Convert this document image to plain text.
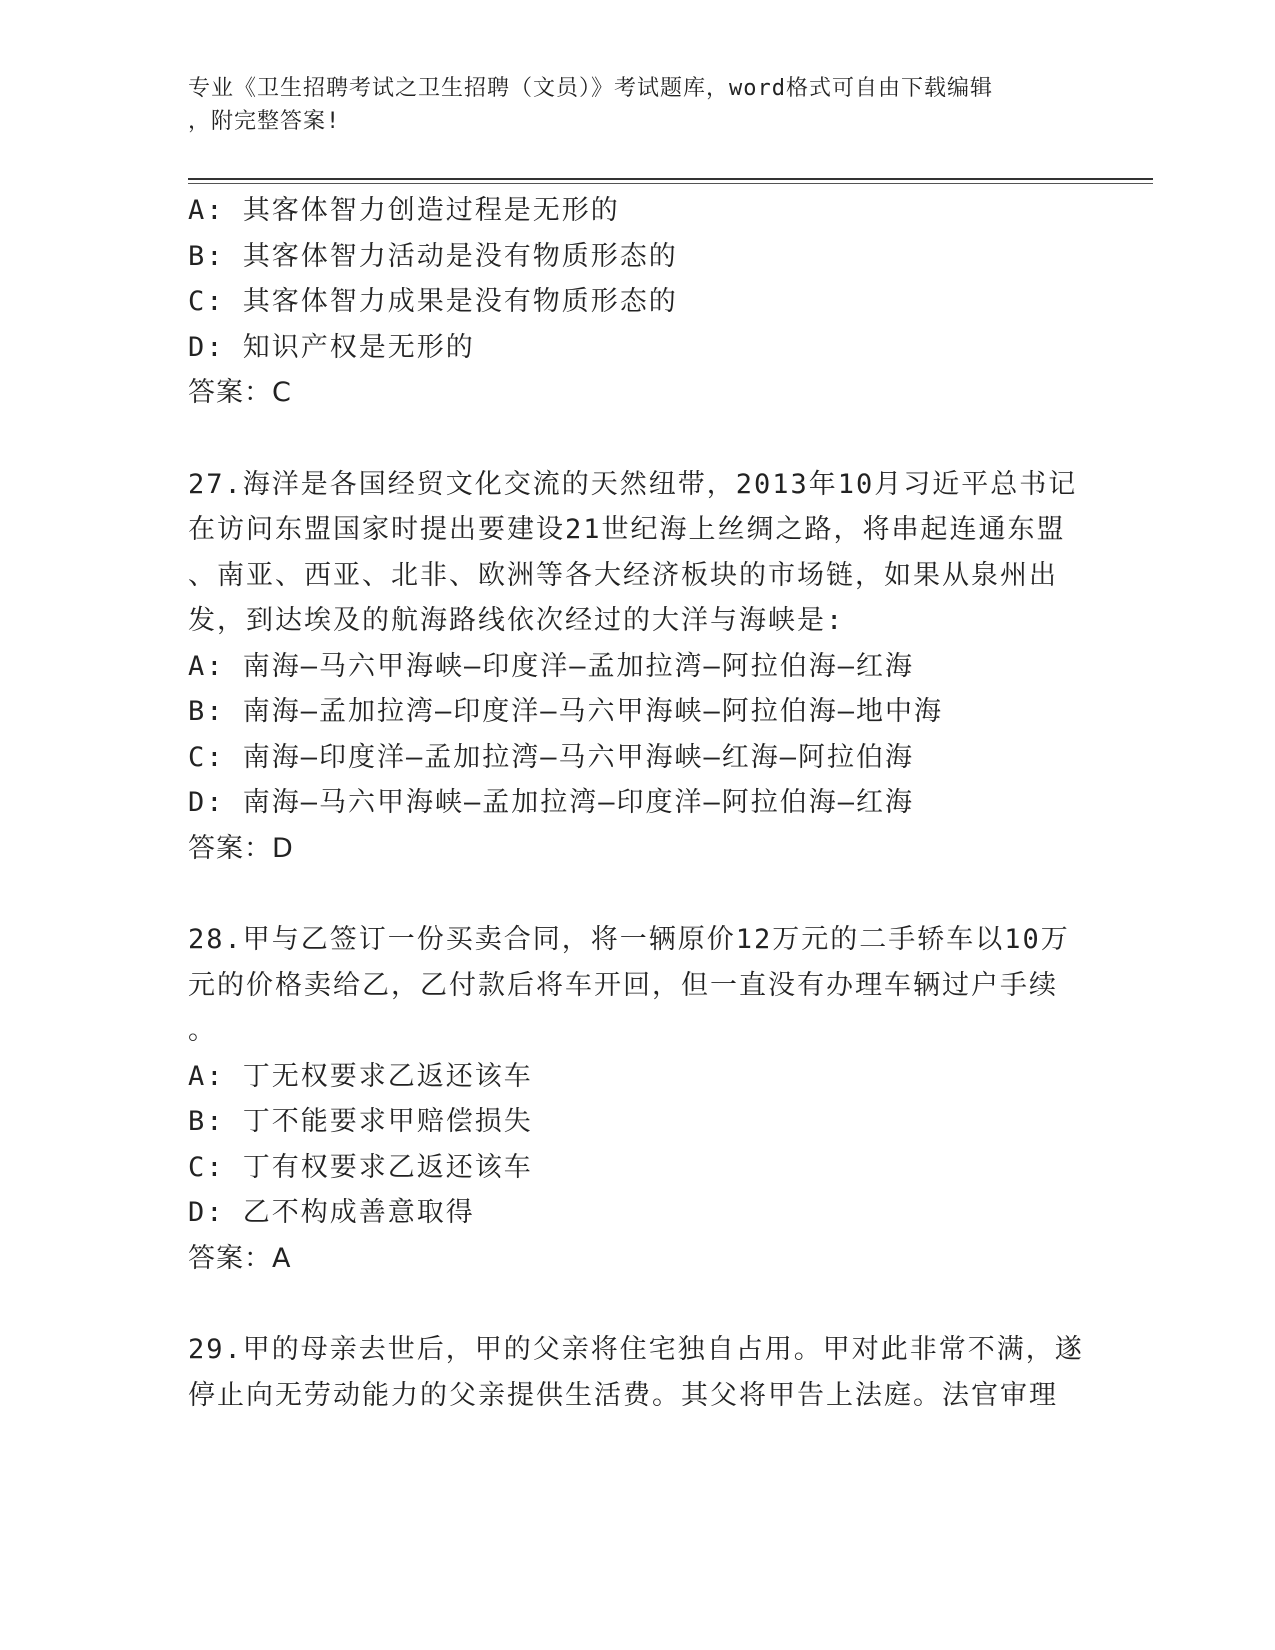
专业《卫生招聘考试之卫生招聘（文员）》考试题库，word格式可自由下载编辑
，附完整答案!
A: 其客体智力创造过程是无形的
B: 其客体智力活动是没有物质形态的
C: 其客体智力成果是没有物质形态的
D: 知识产权是无形的
答案：C
27.海洋是各国经贸文化交流的天然纽带，2013年10月习近平总书记
在访问东盟国家时提出要建设21世纪海上丝绸之路，将串起连通东盟
、南亚、西亚、北非、欧洲等各大经济板块的市场链，如果从泉州出
发，到达埃及的航海路线依次经过的大洋与海峡是:
A: 南海—马六甲海峡—印度洋—孟加拉湾—阿拉伯海—红海
B: 南海—孟加拉湾—印度洋—马六甲海峡—阿拉伯海—地中海
C: 南海—印度洋—孟加拉湾—马六甲海峡—红海—阿拉伯海
D: 南海—马六甲海峡—孟加拉湾—印度洋—阿拉伯海—红海
答案：D
28.甲与乙签订一份买卖合同，将一辆原价12万元的二手轿车以10万
元的价格卖给乙，乙付款后将车开回，但一直没有办理车辆过户手续
。
A: 丁无权要求乙返还该车
B: 丁不能要求甲赔偿损失
C: 丁有权要求乙返还该车
D: 乙不构成善意取得
答案：A
29.甲的母亲去世后，甲的父亲将住宅独自占用。甲对此非常不满，遂
停止向无劳动能力的父亲提供生活费。其父将甲告上法庭。法官审理
